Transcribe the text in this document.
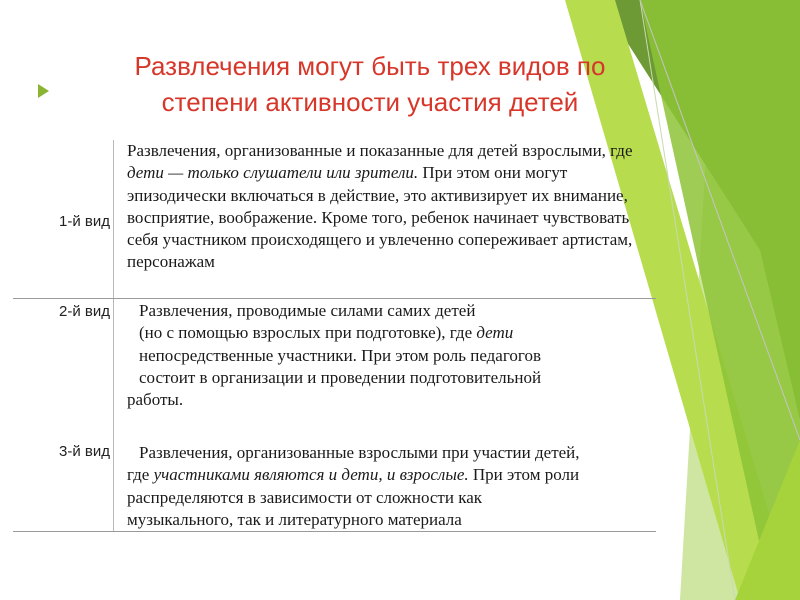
Развлечения могут быть трех видов по
степени активности участия детей
1-й вид
Развлечения, организованные и показанные для детей взрослыми, где дети — только слушатели или зрители. При этом они могут эпизодически включаться в действие, это активизирует их внимание, восприятие, воображение. Кроме того, ребенок начинает чувствовать себя участником происходящего и увлеченно сопереживает артистам, персонажам
2-й вид	Развлечения, проводимые силами самих детей
(но с помощью взрослых при подготовке), где дети
непосредственные участники. При этом роль педагогов
состоит в организации и проведении подготовительной
работы.
3-й вид	Развлечения, организованные взрослыми при участии детей,
где участниками являются и дети, и взрослые. При этом роли
распределяются в зависимости от сложности как
музыкального, так и литературного материала
